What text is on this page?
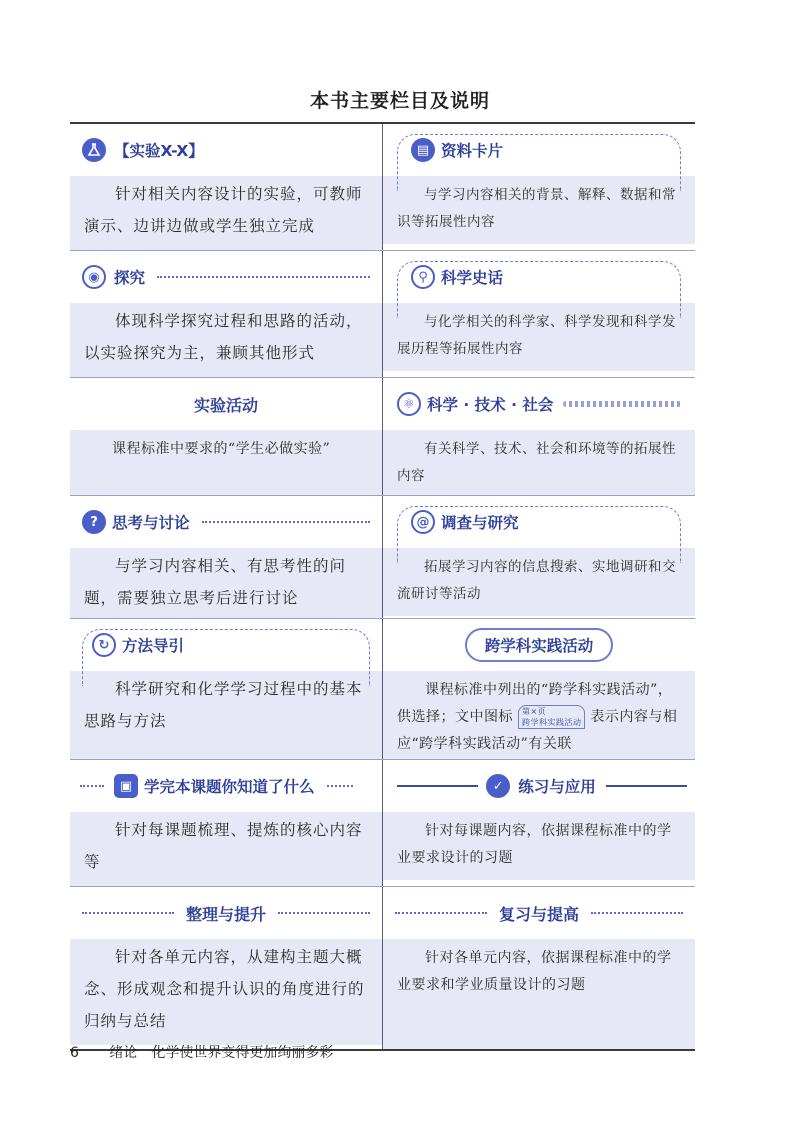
本书主要栏目及说明
【实验X-X】
针对相关内容设计的实验，可教师演示、边讲边做或学生独立完成
▤ 资料卡片
与学习内容相关的背景、解释、数据和常识等拓展性内容
◉ 探究
体现科学探究过程和思路的活动，以实验探究为主，兼顾其他形式
⚲ 科学史话
与化学相关的科学家、科学发现和科学发展历程等拓展性内容
实验活动
课程标准中要求的“学生必做实验”
⚛ 科学 · 技术 · 社会
有关科学、技术、社会和环境等的拓展性内容
? 思考与讨论
与学习内容相关、有思考性的问题，需要独立思考后进行讨论
@ 调查与研究
拓展学习内容的信息搜索、实地调研和交流研讨等活动
↻ 方法导引
科学研究和化学学习过程中的基本思路与方法
跨学科实践活动
课程标准中列出的“跨学科实践活动”，供选择；文中图标 第×页
跨学科实践活动 表示内容与相应“跨学科实践活动”有关联
▣ 学完本课题你知道了什么
针对每课题梳理、提炼的核心内容等
✓ 练习与应用
针对每课题内容，依据课程标准中的学业要求设计的习题
整理与提升
针对各单元内容，从建构主题大概念、形成观念和提升认识的角度进行的归纳与总结
复习与提高
针对各单元内容，依据课程标准中的学业要求和学业质量设计的习题
6 绪论　化学使世界变得更加绚丽多彩
